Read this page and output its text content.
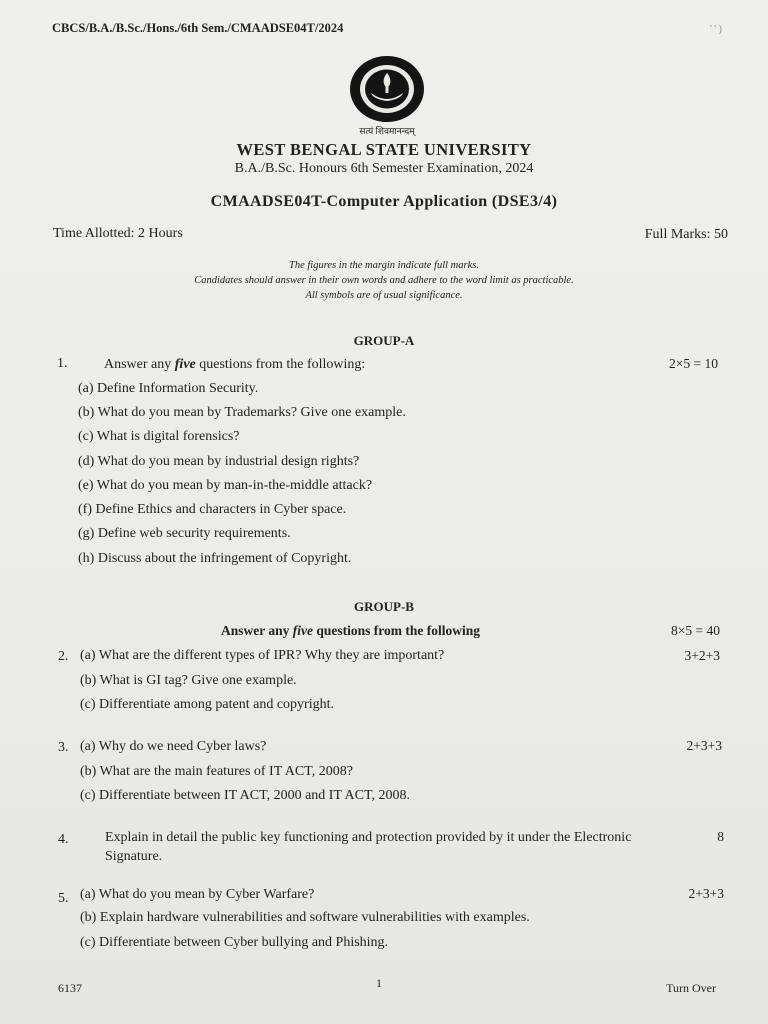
CBCS/B.A./B.Sc./Hons./6th Sem./CMAADSE04T/2024	' ' )
सत्यं शिवमानन्दम्
WEST BENGAL STATE UNIVERSITY
B.A./B.Sc. Honours 6th Semester Examination, 2024
CMAADSE04T-Computer Application (DSE3/4)
Time Allotted: 2 Hours	Full Marks: 50
The figures in the margin indicate full marks.
Candidates should answer in their own words and adhere to the word limit as practicable.
All symbols are of usual significance.
GROUP-A
1.	Answer any five questions from the following:	2×5 = 10
(a) Define Information Security.
(b) What do you mean by Trademarks? Give one example.
(c) What is digital forensics?
(d) What do you mean by industrial design rights?
(e) What do you mean by man-in-the-middle attack?
(f) Define Ethics and characters in Cyber space.
(g) Define web security requirements.
(h) Discuss about the infringement of Copyright.
GROUP-B
Answer any five questions from the following	8×5 = 40
2. (a) What are the different types of IPR? Why they are important?	3+2+3
(b) What is GI tag? Give one example.
(c) Differentiate among patent and copyright.
3. (a) Why do we need Cyber laws?	2+3+3
(b) What are the main features of IT ACT, 2008?
(c) Differentiate between IT ACT, 2000 and IT ACT, 2008.
4.	Explain in detail the public key functioning and protection provided by it under the Electronic Signature.
8
5. (a) What do you mean by Cyber Warfare?	2+3+3
(b) Explain hardware vulnerabilities and software vulnerabilities with examples.
(c) Differentiate between Cyber bullying and Phishing.
6137	1	Turn Over
